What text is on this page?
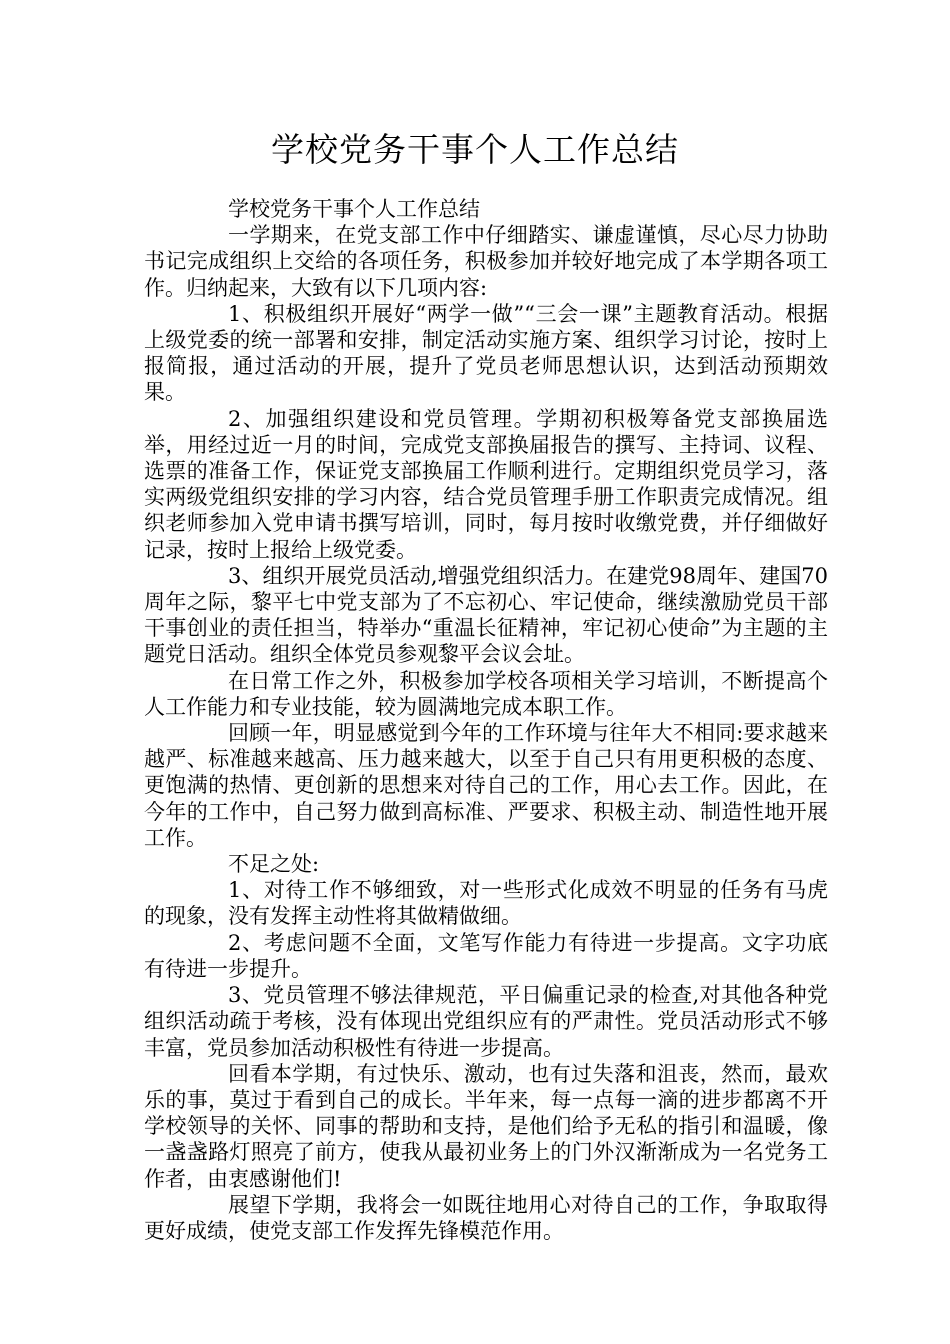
学校党务干事个人工作总结

学校党务干事个人工作总结

一学期来，在党支部工作中仔细踏实、谦虚谨慎，尽心尽力协助书记完成组织上交给的各项任务，积极参加并较好地完成了本学期各项工作。归纳起来，大致有以下几项内容:

1、积极组织开展好“两学一做”“三会一课”主题教育活动。根据上级党委的统一部署和安排，制定活动实施方案、组织学习讨论，按时上报简报，通过活动的开展，提升了党员老师思想认识，达到活动预期效果。

2、加强组织建设和党员管理。学期初积极筹备党支部换届选举，用经过近一月的时间，完成党支部换届报告的撰写、主持词、议程、选票的准备工作，保证党支部换届工作顺利进行。定期组织党员学习，落实两级党组织安排的学习内容，结合党员管理手册工作职责完成情况。组织老师参加入党申请书撰写培训，同时，每月按时收缴党费，并仔细做好记录，按时上报给上级党委。

3、组织开展党员活动,增强党组织活力。在建党98周年、建国70周年之际，黎平七中党支部为了不忘初心、牢记使命，继续激励党员干部干事创业的责任担当，特举办“重温长征精神，牢记初心使命”为主题的主题党日活动。组织全体党员参观黎平会议会址。

在日常工作之外，积极参加学校各项相关学习培训，不断提高个人工作能力和专业技能，较为圆满地完成本职工作。

回顾一年，明显感觉到今年的工作环境与往年大不相同:要求越来越严、标准越来越高、压力越来越大，以至于自己只有用更积极的态度、更饱满的热情、更创新的思想来对待自己的工作，用心去工作。因此，在今年的工作中，自己努力做到高标准、严要求、积极主动、制造性地开展工作。

不足之处:

1、对待工作不够细致，对一些形式化成效不明显的任务有马虎的现象，没有发挥主动性将其做精做细。

2、考虑问题不全面，文笔写作能力有待进一步提高。文字功底有待进一步提升。

3、党员管理不够法律规范，平日偏重记录的检查,对其他各种党组织活动疏于考核，没有体现出党组织应有的严肃性。党员活动形式不够丰富，党员参加活动积极性有待进一步提高。

回看本学期，有过快乐、激动，也有过失落和沮丧，然而，最欢乐的事，莫过于看到自己的成长。半年来，每一点每一滴的进步都离不开学校领导的关怀、同事的帮助和支持，是他们给予无私的指引和温暖，像一盏盏路灯照亮了前方，使我从最初业务上的门外汉渐渐成为一名党务工作者，由衷感谢他们!

展望下学期，我将会一如既往地用心对待自己的工作，争取取得更好成绩，使党支部工作发挥先锋模范作用。
